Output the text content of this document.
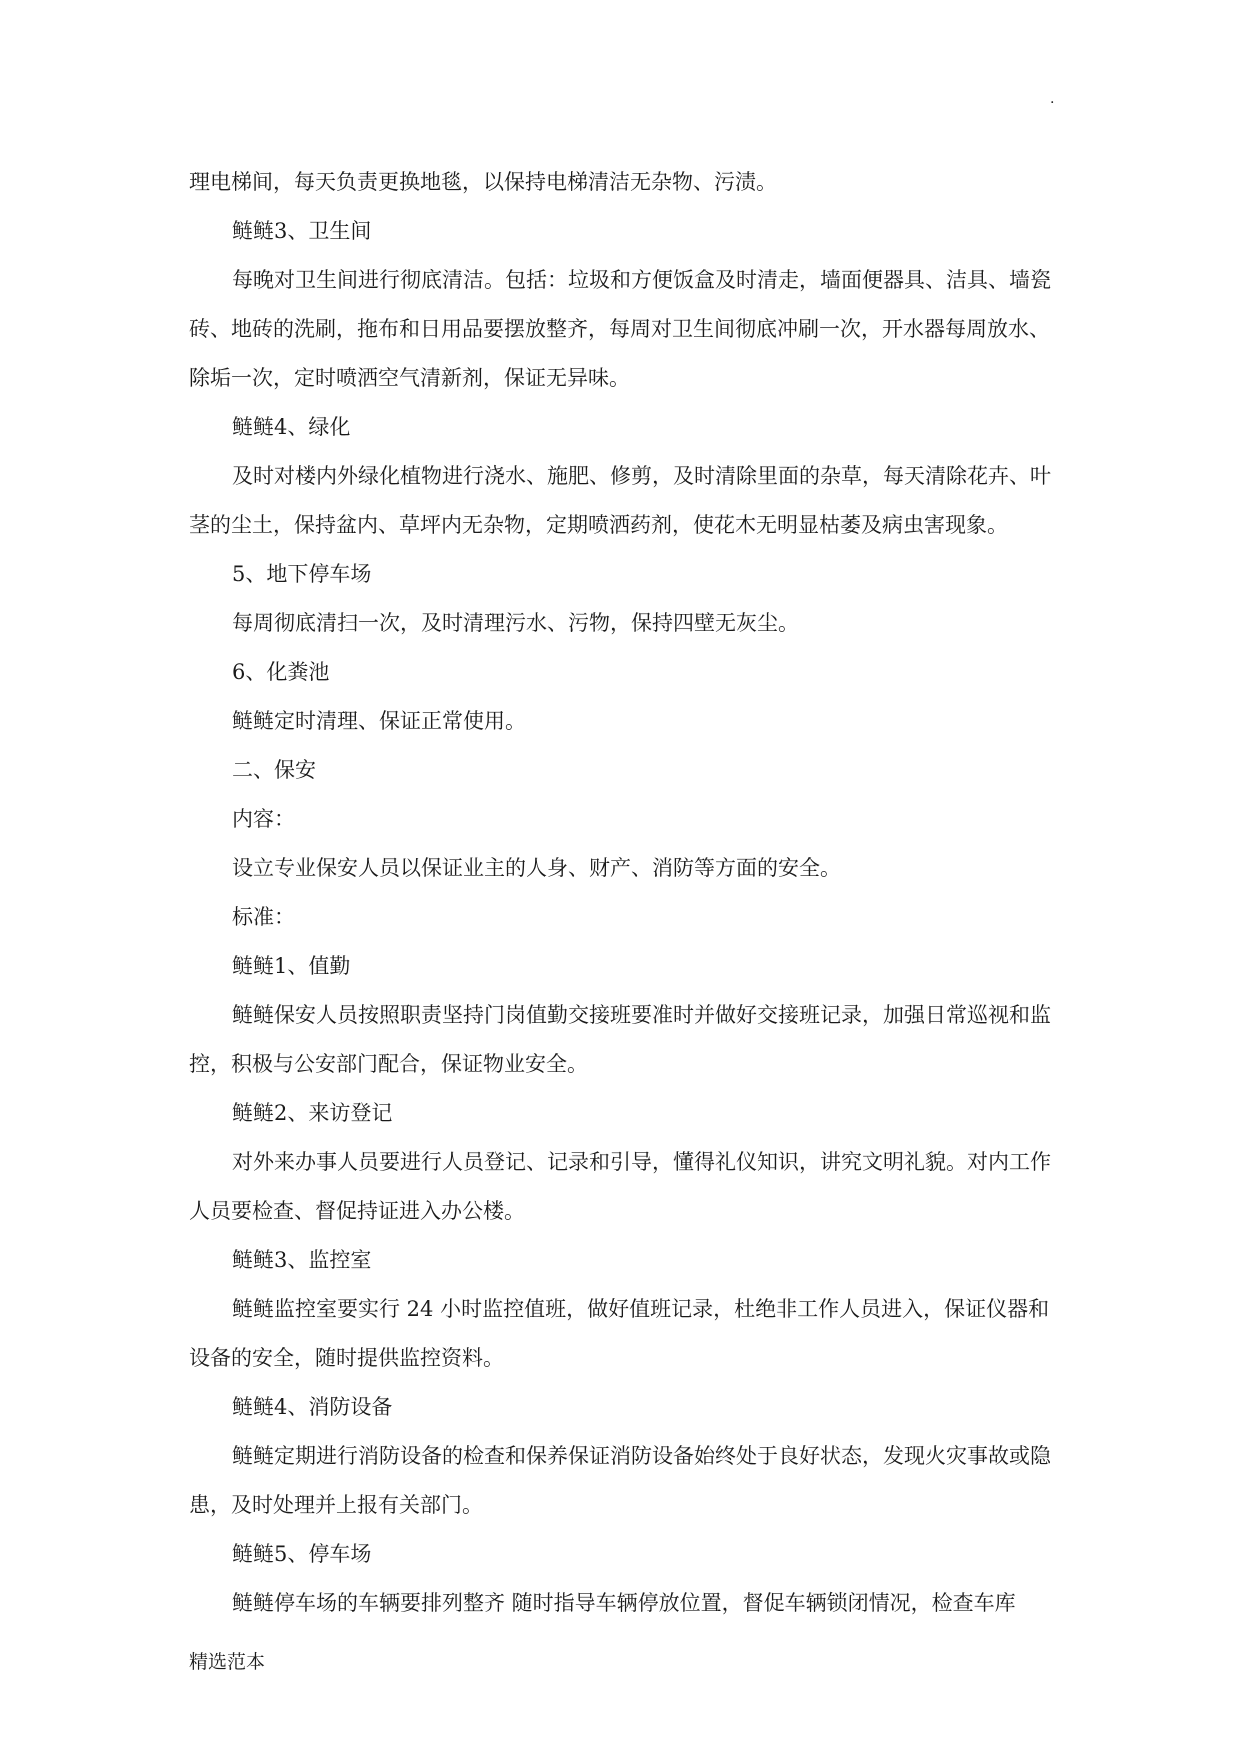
.

理电梯间，每天负责更换地毯，以保持电梯清洁无杂物、污渍。

鲢鲢3、卫生间

每晚对卫生间进行彻底清洁。包括：垃圾和方便饭盒及时清走，墙面便器具、洁具、墙瓷砖、地砖的洗刷，拖布和日用品要摆放整齐，每周对卫生间彻底冲刷一次，开水器每周放水、除垢一次，定时喷洒空气清新剂，保证无异味。

鲢鲢4、绿化

及时对楼内外绿化植物进行浇水、施肥、修剪，及时清除里面的杂草，每天清除花卉、叶茎的尘土，保持盆内、草坪内无杂物，定期喷洒药剂，使花木无明显枯萎及病虫害现象。

5、地下停车场

每周彻底清扫一次，及时清理污水、污物，保持四壁无灰尘。

6、化粪池

鲢鲢定时清理、保证正常使用。

二、保安

内容：

设立专业保安人员以保证业主的人身、财产、消防等方面的安全。

标准：

鲢鲢1、值勤

鲢鲢保安人员按照职责坚持门岗值勤交接班要准时并做好交接班记录，加强日常巡视和监控，积极与公安部门配合，保证物业安全。

鲢鲢2、来访登记

对外来办事人员要进行人员登记、记录和引导，懂得礼仪知识，讲究文明礼貌。对内工作人员要检查、督促持证进入办公楼。

鲢鲢3、监控室

鲢鲢监控室要实行 24 小时监控值班，做好值班记录，杜绝非工作人员进入，保证仪器和设备的安全，随时提供监控资料。

鲢鲢4、消防设备

鲢鲢定期进行消防设备的检查和保养保证消防设备始终处于良好状态，发现火灾事故或隐患，及时处理并上报有关部门。

鲢鲢5、停车场

鲢鲢停车场的车辆要排列整齐 随时指导车辆停放位置，督促车辆锁闭情况，检查车库

精选范本
